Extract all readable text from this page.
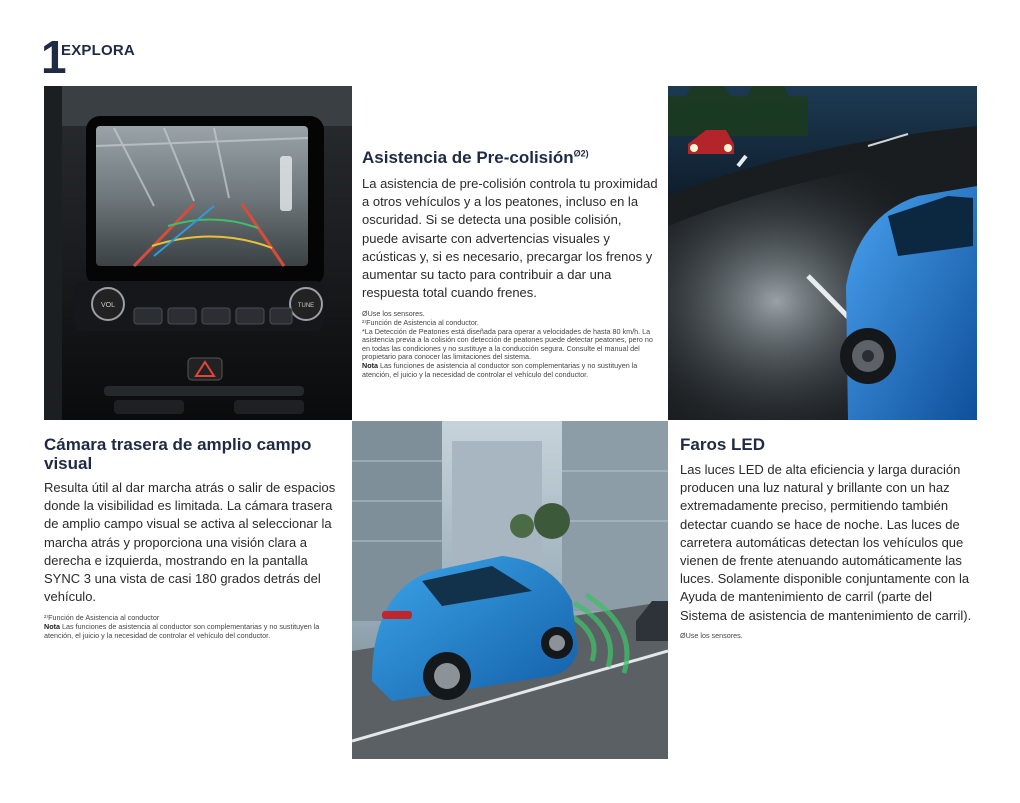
1
EXPLORA
VOL	TUNE
Asistencia de Pre-colisión$^{Ø2)}$

La asistencia de pre-colisión controla tu proximidad a otros vehículos y a los peatones, incluso en la oscuridad. Si se detecta una posible colisión, puede avisarte con advertencias visuales y acústicas y, si es necesario, precargar los frenos y aumentar su tacto para contribuir a dar una respuesta total cuando frenes.

ØUse los sensores.

²⁾Función de Asistencia al conductor.

*La Detección de Peatones está diseñada para operar a velocidades de hasta 80 km/h. La asistencia previa a la colisión con detección de peatones puede detectar peatones, pero no en todas las condiciones y no sustituye a la conducción segura. Consulte el manual del propietario para conocer las limitaciones del sistema.

Nota Las funciones de asistencia al conductor son complementarias y no sustituyen la atención, el juicio y la necesidad de controlar el vehículo del conductor.

Cámara trasera de amplio campo visual

Resulta útil al dar marcha atrás o salir de espacios donde la visibilidad es limitada. La cámara trasera de amplio campo visual se activa al seleccionar la marcha atrás y proporciona una visión clara a derecha e izquierda, mostrando en la pantalla SYNC 3 una vista de casi 180 grados detrás del vehículo.

²⁾Función de Asistencia al conductor

Nota Las funciones de asistencia al conductor son complementarias y no sustituyen la atención, el juicio y la necesidad de controlar el vehículo del conductor.

Faros LED

Las luces LED de alta eficiencia y larga duración producen una luz natural y brillante con un haz extremadamente preciso, permitiendo también detectar cuando se hace de noche. Las luces de carretera automáticas detectan los vehículos que vienen de frente atenuando automáticamente las luces. Solamente disponible conjuntamente con la Ayuda de mantenimiento de carril (parte del Sistema de asistencia de mantenimiento de carril).

ØUse los sensores.
